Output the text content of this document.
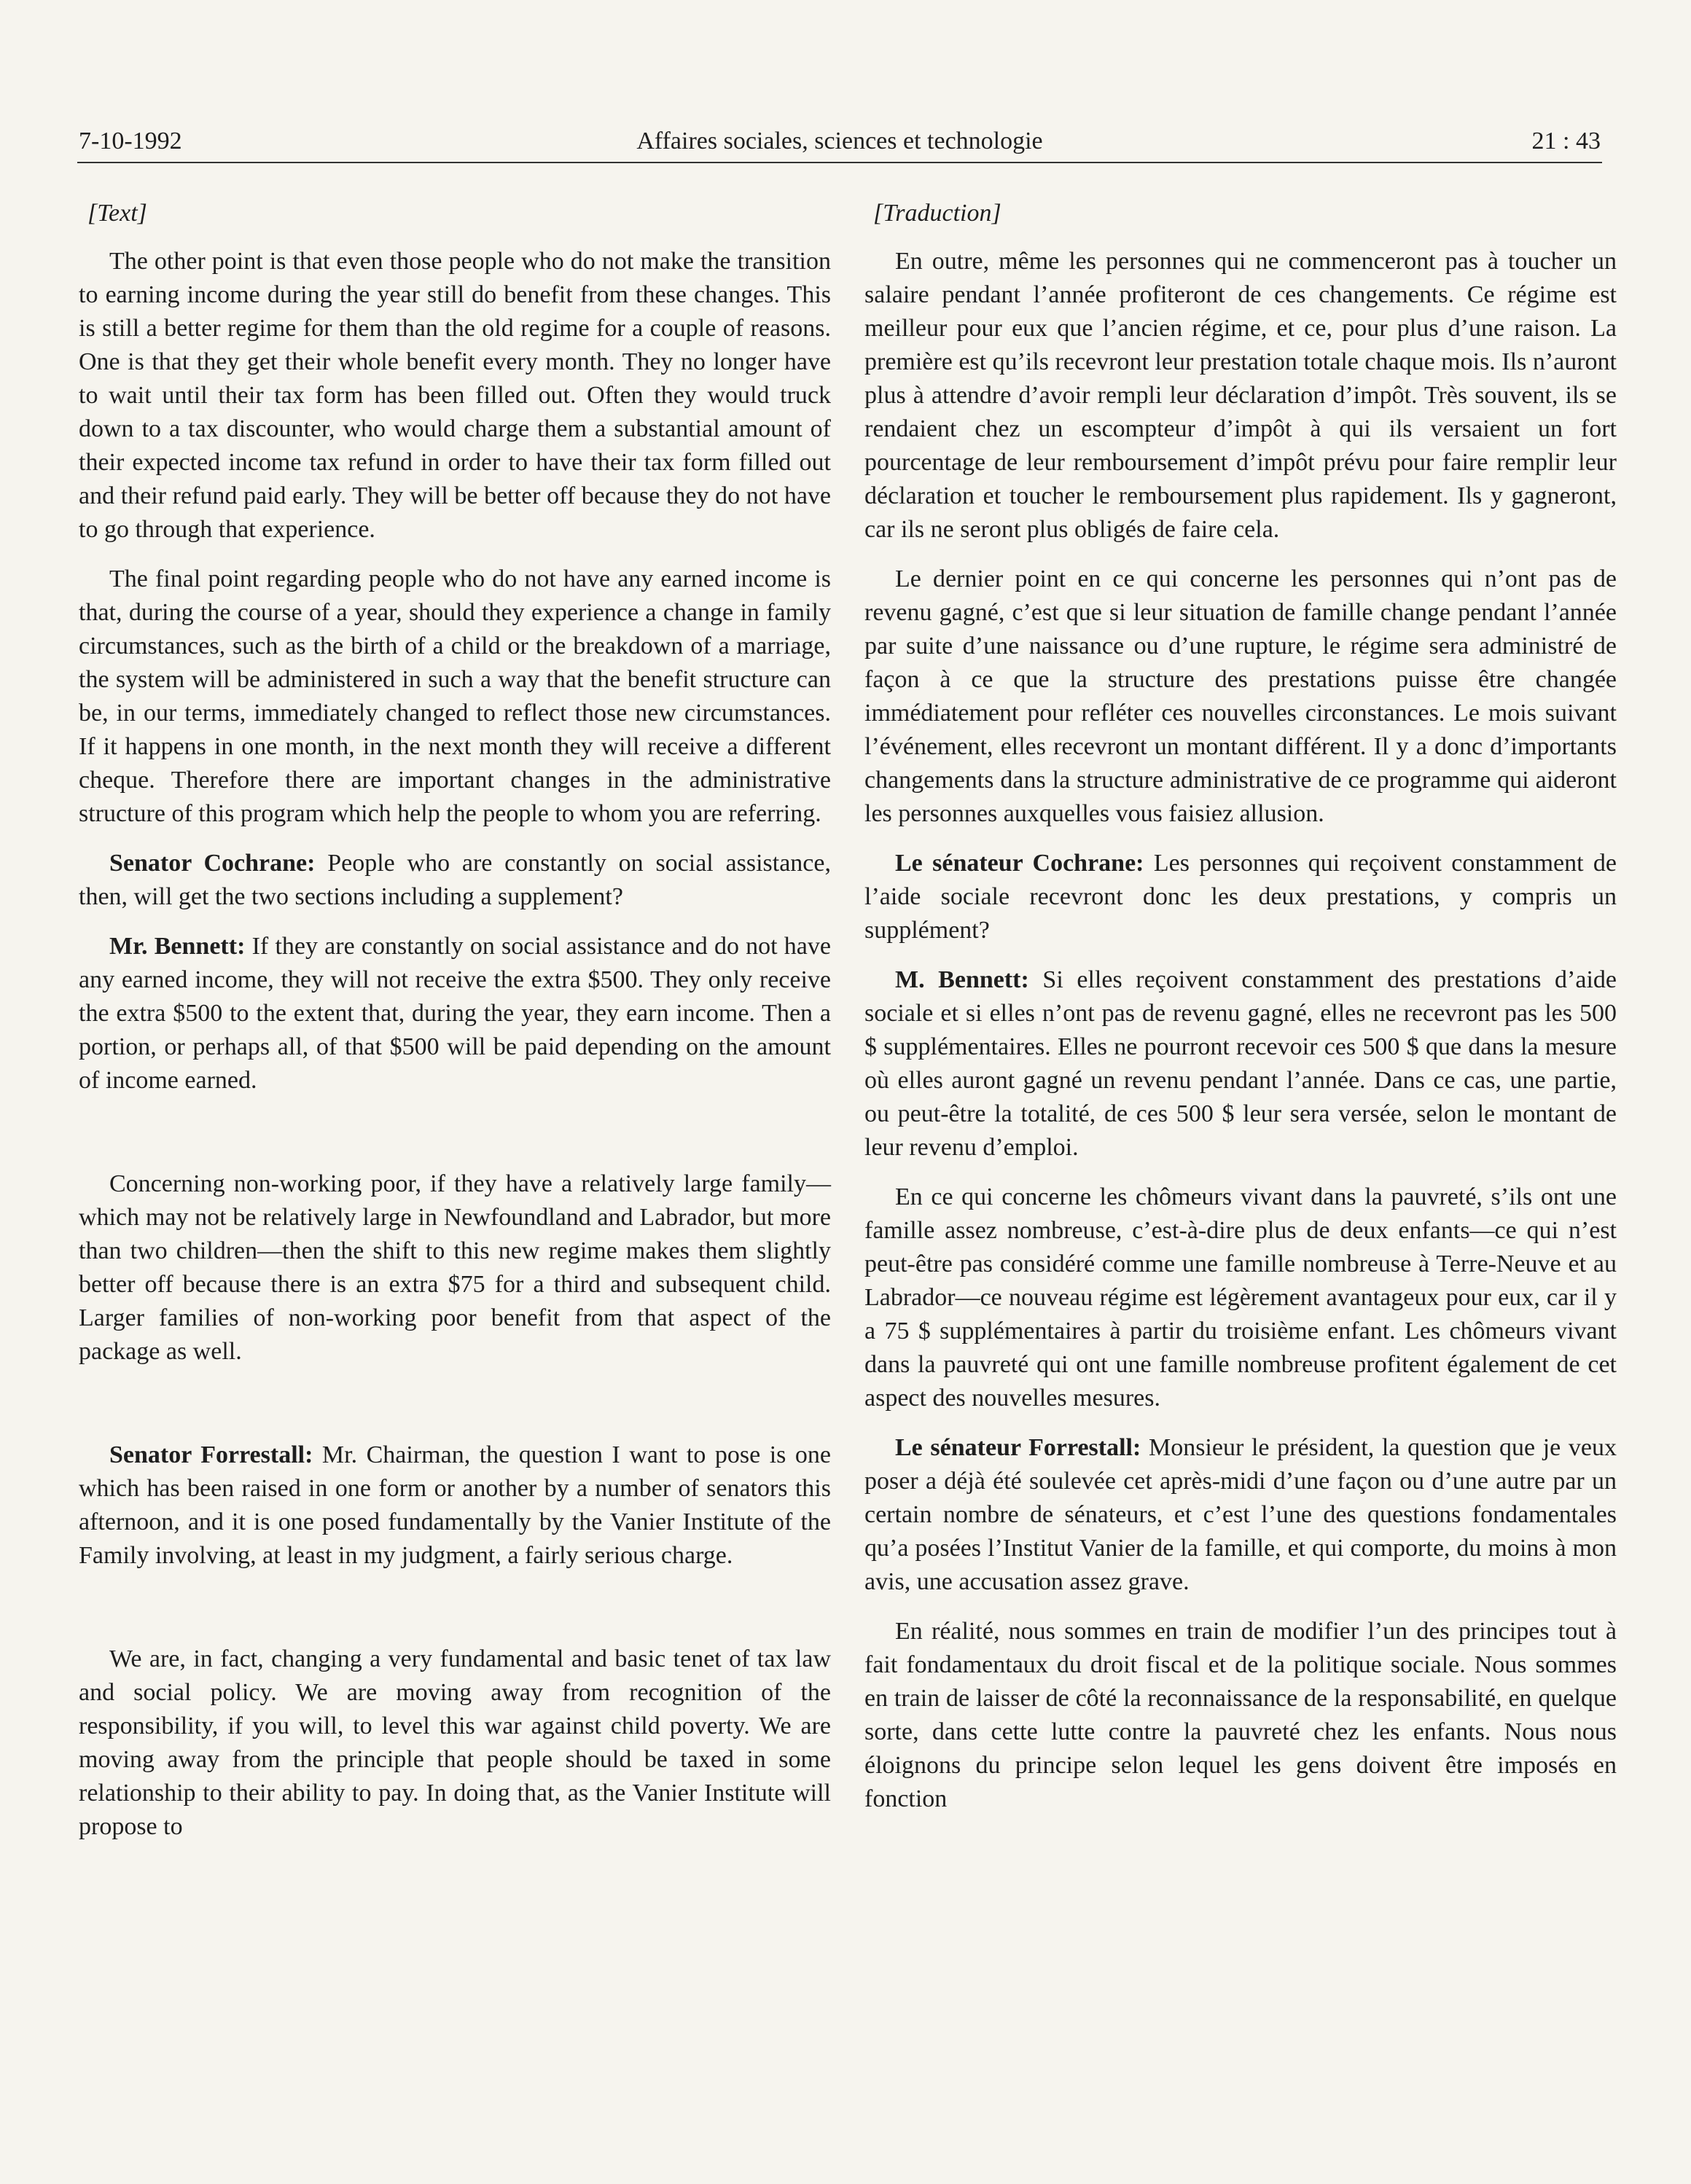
7-10-1992	Affaires sociales, sciences et technologie	21 : 43
[Text]

The other point is that even those people who do not make the transition to earning income during the year still do benefit from these changes. This is still a better regime for them than the old regime for a couple of reasons. One is that they get their whole benefit every month. They no longer have to wait until their tax form has been filled out. Often they would truck down to a tax discounter, who would charge them a substantial amount of their expected income tax refund in order to have their tax form filled out and their refund paid early. They will be better off because they do not have to go through that experience.

The final point regarding people who do not have any earned income is that, during the course of a year, should they experience a change in family circumstances, such as the birth of a child or the breakdown of a marriage, the system will be administered in such a way that the benefit structure can be, in our terms, immediately changed to reflect those new circumstances. If it happens in one month, in the next month they will receive a different cheque. Therefore there are important changes in the administrative structure of this program which help the people to whom you are referring.

Senator Cochrane: People who are constantly on social assistance, then, will get the two sections including a supplement?

Mr. Bennett: If they are constantly on social assistance and do not have any earned income, they will not receive the extra $500. They only receive the extra $500 to the extent that, during the year, they earn income. Then a portion, or perhaps all, of that $500 will be paid depending on the amount of income earned.

Concerning non-working poor, if they have a relatively large family—which may not be relatively large in Newfoundland and Labrador, but more than two children—then the shift to this new regime makes them slightly better off because there is an extra $75 for a third and subsequent child. Larger families of non-working poor benefit from that aspect of the package as well.

Senator Forrestall: Mr. Chairman, the question I want to pose is one which has been raised in one form or another by a number of senators this afternoon, and it is one posed fundamentally by the Vanier Institute of the Family involving, at least in my judgment, a fairly serious charge.

We are, in fact, changing a very fundamental and basic tenet of tax law and social policy. We are moving away from recognition of the responsibility, if you will, to level this war against child poverty. We are moving away from the principle that people should be taxed in some relationship to their ability to pay. In doing that, as the Vanier Institute will propose to

[Traduction]

En outre, même les personnes qui ne commenceront pas à toucher un salaire pendant l’année profiteront de ces changements. Ce régime est meilleur pour eux que l’ancien régime, et ce, pour plus d’une raison. La première est qu’ils recevront leur prestation totale chaque mois. Ils n’auront plus à attendre d’avoir rempli leur déclaration d’impôt. Très souvent, ils se rendaient chez un escompteur d’impôt à qui ils versaient un fort pourcentage de leur remboursement d’impôt prévu pour faire remplir leur déclaration et toucher le remboursement plus rapidement. Ils y gagneront, car ils ne seront plus obligés de faire cela.

Le dernier point en ce qui concerne les personnes qui n’ont pas de revenu gagné, c’est que si leur situation de famille change pendant l’année par suite d’une naissance ou d’une rupture, le régime sera administré de façon à ce que la structure des prestations puisse être changée immédiatement pour refléter ces nouvelles circonstances. Le mois suivant l’événement, elles recevront un montant différent. Il y a donc d’importants changements dans la structure administrative de ce programme qui aideront les personnes auxquelles vous faisiez allusion.

Le sénateur Cochrane: Les personnes qui reçoivent constamment de l’aide sociale recevront donc les deux prestations, y compris un supplément?

M. Bennett: Si elles reçoivent constamment des prestations d’aide sociale et si elles n’ont pas de revenu gagné, elles ne recevront pas les 500 $ supplémentaires. Elles ne pourront recevoir ces 500 $ que dans la mesure où elles auront gagné un revenu pendant l’année. Dans ce cas, une partie, ou peut-être la totalité, de ces 500 $ leur sera versée, selon le montant de leur revenu d’emploi.

En ce qui concerne les chômeurs vivant dans la pauvreté, s’ils ont une famille assez nombreuse, c’est-à-dire plus de deux enfants—ce qui n’est peut-être pas considéré comme une famille nombreuse à Terre-Neuve et au Labrador—ce nouveau régime est légèrement avantageux pour eux, car il y a 75 $ supplémentaires à partir du troisième enfant. Les chômeurs vivant dans la pauvreté qui ont une famille nombreuse profitent également de cet aspect des nouvelles mesures.

Le sénateur Forrestall: Monsieur le président, la question que je veux poser a déjà été soulevée cet après-midi d’une façon ou d’une autre par un certain nombre de sénateurs, et c’est l’une des questions fondamentales qu’a posées l’Institut Vanier de la famille, et qui comporte, du moins à mon avis, une accusation assez grave.

En réalité, nous sommes en train de modifier l’un des principes tout à fait fondamentaux du droit fiscal et de la politique sociale. Nous sommes en train de laisser de côté la reconnaissance de la responsabilité, en quelque sorte, dans cette lutte contre la pauvreté chez les enfants. Nous nous éloignons du principe selon lequel les gens doivent être imposés en fonction
